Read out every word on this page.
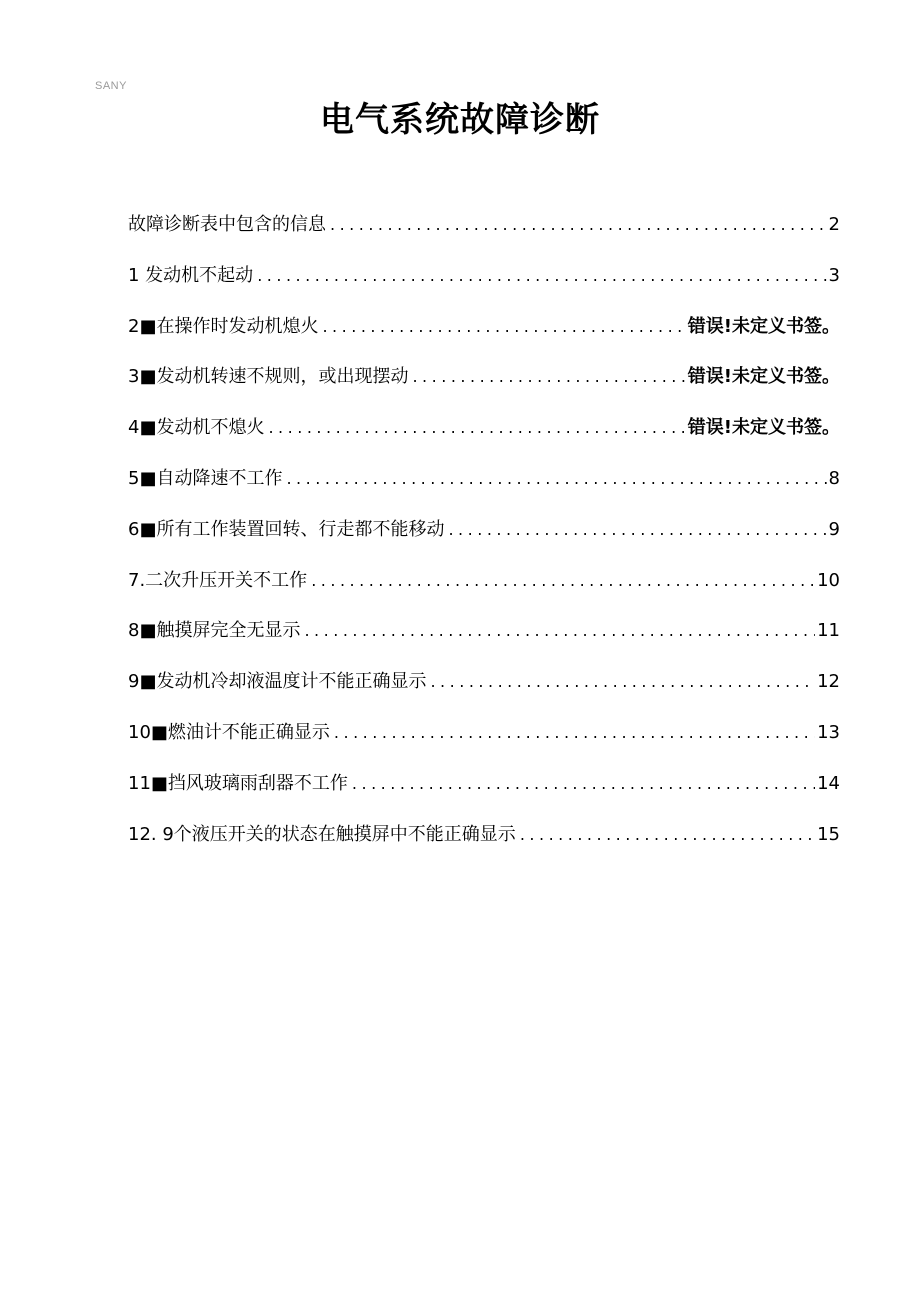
SANY
电气系统故障诊断
故障诊断表中包含的信息 .....	2
1 发动机不起动 .....	3
2■在操作时发动机熄火 .....	错误!未定义书签。
3■发动机转速不规则，或出现摆动 .....	错误!未定义书签。
4■发动机不熄火 .....	错误!未定义书签。
5■自动降速不工作 .....	8
6■所有工作装置回转、行走都不能移动 .....	9
7.二次升压开关不工作 .....	10
8■触摸屏完全无显示 .....	11
9■发动机冷却液温度计不能正确显示 .....	12
10■燃油计不能正确显示 .....	13
11■挡风玻璃雨刮器不工作 .....	14
12. 9个液压开关的状态在触摸屏中不能正确显示 .....	15
